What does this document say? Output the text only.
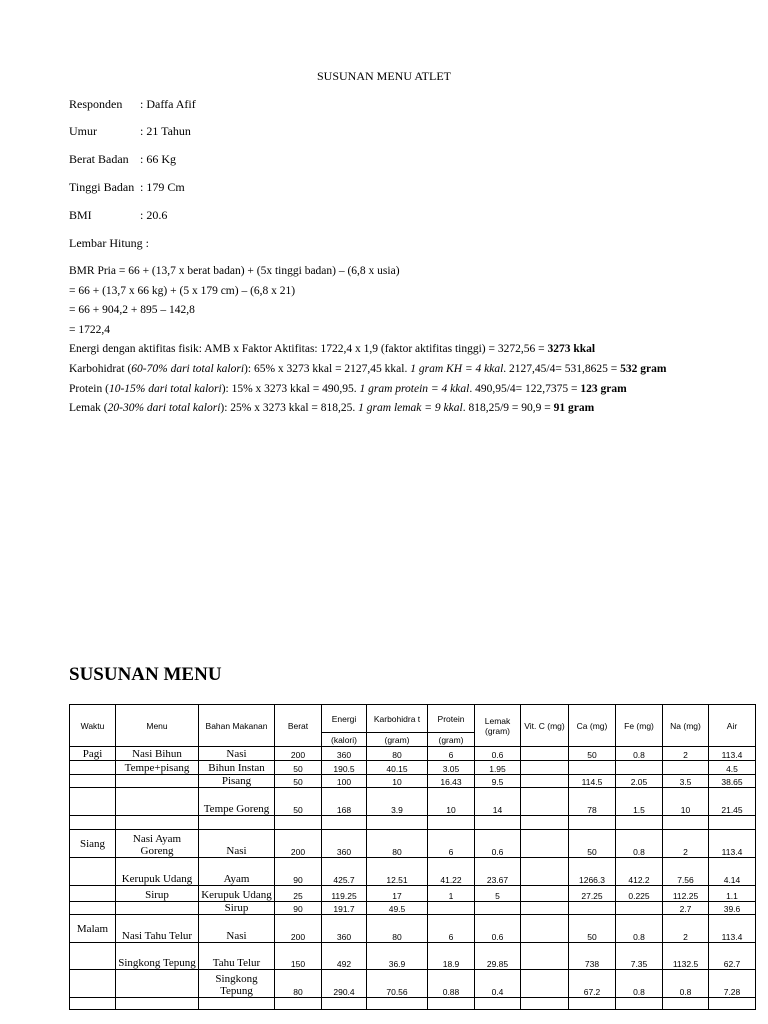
SUSUNAN MENU ATLET
Responden : Daffa Afif
Umur	: 21 Tahun
Berat Badan : 66 Kg
Tinggi Badan : 179 Cm
BMI	: 20.6
Lembar Hitung :
BMR Pria = 66 + (13,7 x berat badan) + (5x tinggi badan) – (6,8 x usia)
= 66 + (13,7 x 66 kg) + (5 x 179 cm) – (6,8 x 21)
= 66 + 904,2 + 895 – 142,8
= 1722,4
Energi dengan aktifitas fisik: AMB x Faktor Aktifitas: 1722,4 x 1,9 (faktor aktifitas tinggi) = 3272,56 = 3273 kkal
Karbohidrat (60-70% dari total kalori): 65% x 3273 kkal = 2127,45 kkal. 1 gram KH = 4 kkal. 2127,45/4= 531,8625 = 532 gram
Protein (10-15% dari total kalori): 15% x 3273 kkal = 490,95. 1 gram protein = 4 kkal. 490,95/4= 122,7375 = 123 gram
Lemak (20-30% dari total kalori): 25% x 3273 kkal = 818,25. 1 gram lemak = 9 kkal. 818,25/9 = 90,9 = 91 gram
SUSUNAN MENU
Waktu	Menu	Bahan Makanan	Berat	Energi	Karbohidra t	Protein	Lemak (gram)	Vit. C (mg)	Ca (mg)	Fe (mg)	Na (mg)	Air
				(kalori)	(gram)	(gram)						
Pagi	Nasi Bihun	Nasi	200	360	80	6	0.6		50	0.8	2	113.4
	Tempe+pisang	Bihun Instan	50	190.5	40.15	3.05	1.95					4.5
		Pisang	50	100	10	16.43	9.5		114.5	2.05	3.5	38.65
		Tempe Goreng	50	168	3.9	10	14		78	1.5	10	21.45

Siang	Nasi Ayam Goreng	Nasi	200	360	80	6	0.6		50	0.8	2	113.4
	Kerupuk Udang	Ayam	90	425.7	12.51	41.22	23.67		1266.3	412.2	7.56	4.14
	Sirup	Kerupuk Udang	25	119.25	17	1	5		27.25	0.225	112.25	1.1
		Sirup	90	191.7	49.5						2.7	39.6
Malam	Nasi Tahu Telur	Nasi	200	360	80	6	0.6		50	0.8	2	113.4
	Singkong Tepung	Tahu Telur	150	492	36.9	18.9	29.85		738	7.35	1132.5	62.7
		Singkong Tepung	80	290.4	70.56	0.88	0.4		67.2	0.8	0.8	7.28
